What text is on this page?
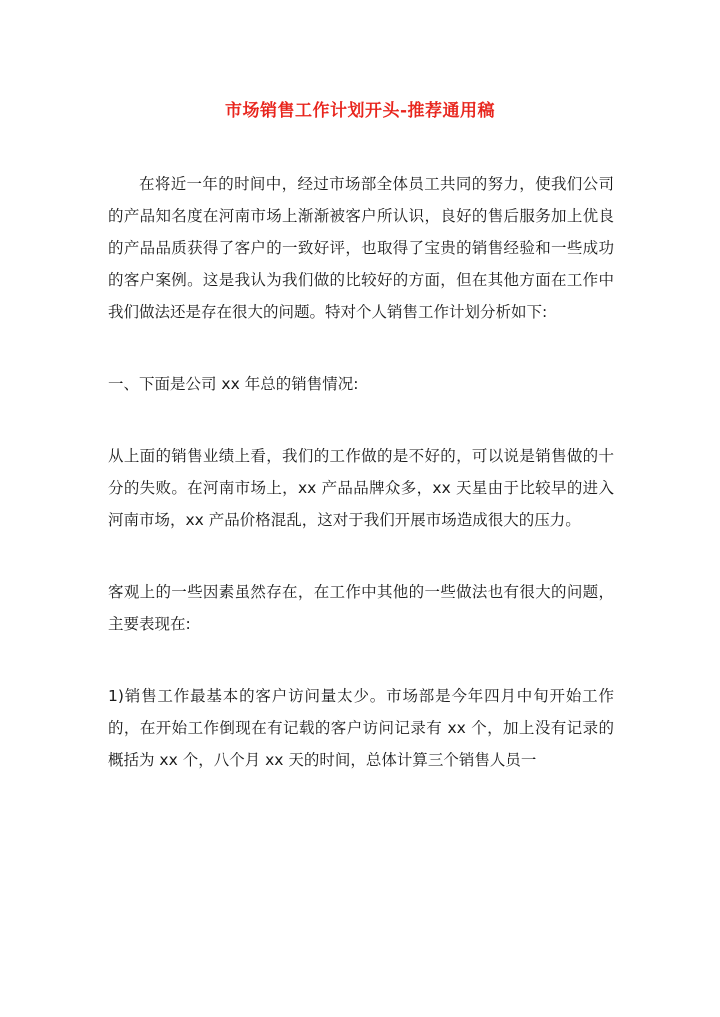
市场销售工作计划开头-推荐通用稿

在将近一年的时间中，经过市场部全体员工共同的努力，使我们公司的产品知名度在河南市场上渐渐被客户所认识，良好的售后服务加上优良的产品品质获得了客户的一致好评，也取得了宝贵的销售经验和一些成功的客户案例。这是我认为我们做的比较好的方面，但在其他方面在工作中我们做法还是存在很大的问题。特对个人销售工作计划分析如下:

一、下面是公司 xx 年总的销售情况:

从上面的销售业绩上看，我们的工作做的是不好的，可以说是销售做的十分的失败。在河南市场上，xx 产品品牌众多，xx 天星由于比较早的进入河南市场，xx 产品价格混乱，这对于我们开展市场造成很大的压力。

客观上的一些因素虽然存在，在工作中其他的一些做法也有很大的问题，主要表现在:

1)销售工作最基本的客户访问量太少。市场部是今年四月中旬开始工作的，在开始工作倒现在有记载的客户访问记录有 xx 个，加上没有记录的概括为 xx 个，八个月 xx 天的时间，总体计算三个销售人员一
